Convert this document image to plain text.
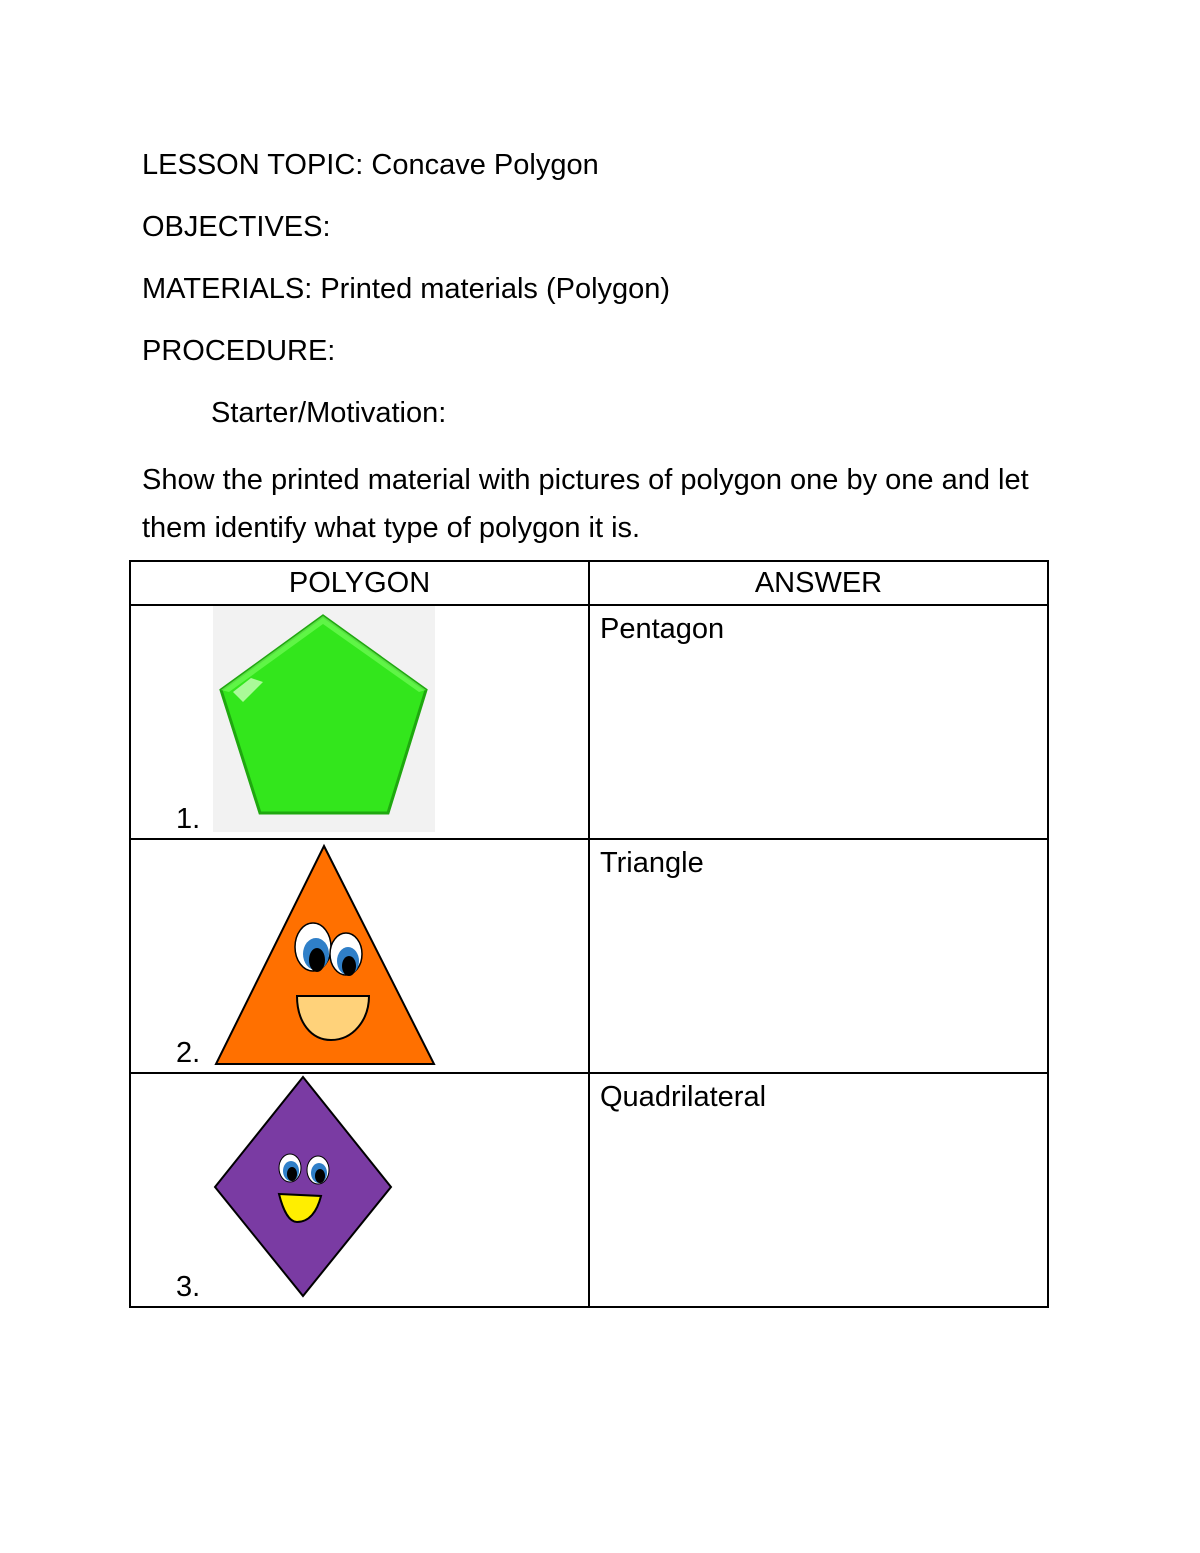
LESSON TOPIC: Concave Polygon
OBJECTIVES:
MATERIALS: Printed materials (Polygon)
PROCEDURE:
Starter/Motivation:
Show the printed material with pictures of polygon one by one and let them identify what type of polygon it is.
POLYGON	ANSWER

1.	Pentagon

2.	Triangle

3.	Quadrilateral
